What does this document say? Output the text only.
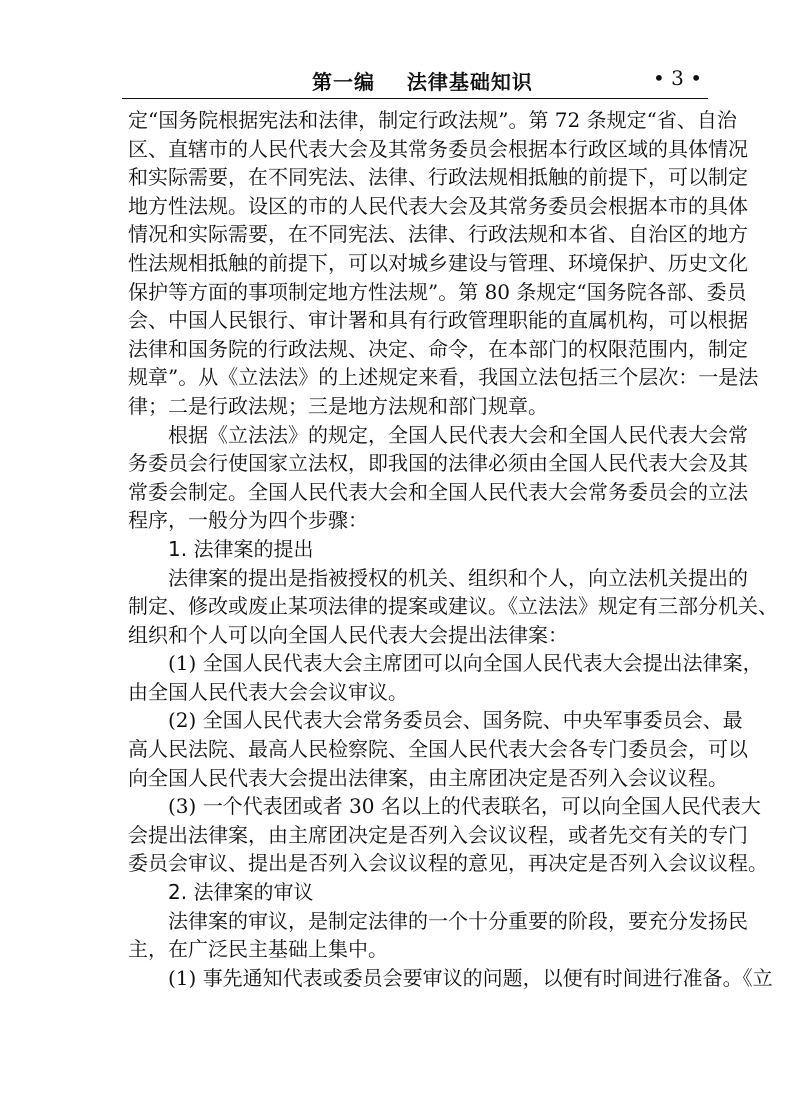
第一编    法律基础知识	• 3 •
定“国务院根据宪法和法律，制定行政法规”。第 72 条规定“省、自治
区、直辖市的人民代表大会及其常务委员会根据本行政区域的具体情况
和实际需要，在不同宪法、法律、行政法规相抵触的前提下，可以制定
地方性法规。设区的市的人民代表大会及其常务委员会根据本市的具体
情况和实际需要，在不同宪法、法律、行政法规和本省、自治区的地方
性法规相抵触的前提下，可以对城乡建设与管理、环境保护、历史文化
保护等方面的事项制定地方性法规”。第 80 条规定“国务院各部、委员
会、中国人民银行、审计署和具有行政管理职能的直属机构，可以根据
法律和国务院的行政法规、决定、命令，在本部门的权限范围内，制定
规章”。从《立法法》的上述规定来看，我国立法包括三个层次：一是法
律；二是行政法规；三是地方法规和部门规章。
根据《立法法》的规定，全国人民代表大会和全国人民代表大会常
务委员会行使国家立法权，即我国的法律必须由全国人民代表大会及其
常委会制定。全国人民代表大会和全国人民代表大会常务委员会的立法
程序，一般分为四个步骤：
1. 法律案的提出
法律案的提出是指被授权的机关、组织和个人，向立法机关提出的
制定、修改或废止某项法律的提案或建议。《立法法》规定有三部分机关、
组织和个人可以向全国人民代表大会提出法律案：
(1) 全国人民代表大会主席团可以向全国人民代表大会提出法律案，
由全国人民代表大会会议审议。
(2) 全国人民代表大会常务委员会、国务院、中央军事委员会、最
高人民法院、最高人民检察院、全国人民代表大会各专门委员会，可以
向全国人民代表大会提出法律案，由主席团决定是否列入会议议程。
(3) 一个代表团或者 30 名以上的代表联名，可以向全国人民代表大
会提出法律案，由主席团决定是否列入会议议程，或者先交有关的专门
委员会审议、提出是否列入会议议程的意见，再决定是否列入会议议程。
2. 法律案的审议
法律案的审议，是制定法律的一个十分重要的阶段，要充分发扬民
主，在广泛民主基础上集中。
(1) 事先通知代表或委员会要审议的问题，以便有时间进行准备。《立
